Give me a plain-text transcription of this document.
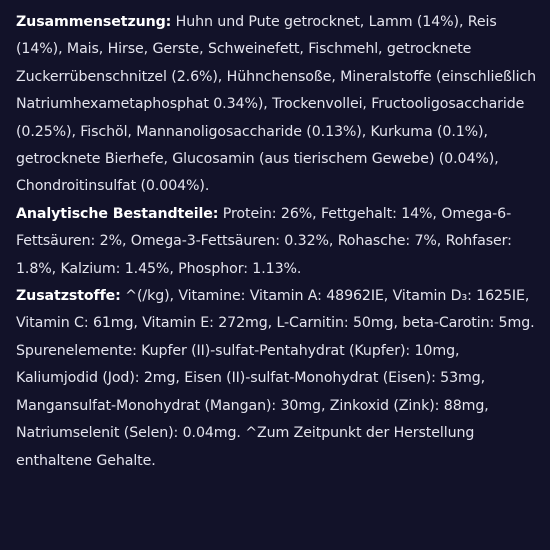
Zusammensetzung: Huhn und Pute getrocknet, Lamm (14%), Reis (14%), Mais, Hirse, Gerste, Schweinefett, Fischmehl, getrocknete Zuckerrübenschnitzel (2.6%), Hühnchensoße, Mineralstoffe (einschließlich Natriumhexametaphosphat 0.34%), Trockenvollei, Fructooligosaccharide (0.25%), Fischöl, Mannanoligosaccharide (0.13%), Kurkuma (0.1%), getrocknete Bierhefe, Glucosamin (aus tierischem Gewebe) (0.04%), Chondroitinsulfat (0.004%).

Analytische Bestandteile: Protein: 26%, Fettgehalt: 14%, Omega-6-Fettsäuren: 2%, Omega-3-Fettsäuren: 0.32%, Rohasche: 7%, Rohfaser: 1.8%, Kalzium: 1.45%, Phosphor: 1.13%.

Zusatzstoffe: ^(/kg), Vitamine: Vitamin A: 48962IE, Vitamin D₃: 1625IE, Vitamin C: 61mg, Vitamin E: 272mg, L-Carnitin: 50mg, beta-Carotin: 5mg. Spurenelemente: Kupfer (II)-sulfat-Pentahydrat (Kupfer): 10mg, Kaliumjodid (Jod): 2mg, Eisen (II)-sulfat-Monohydrat (Eisen): 53mg, Mangansulfat-Monohydrat (Mangan): 30mg, Zinkoxid (Zink): 88mg, Natriumselenit (Selen): 0.04mg. ^Zum Zeitpunkt der Herstellung enthaltene Gehalte.
